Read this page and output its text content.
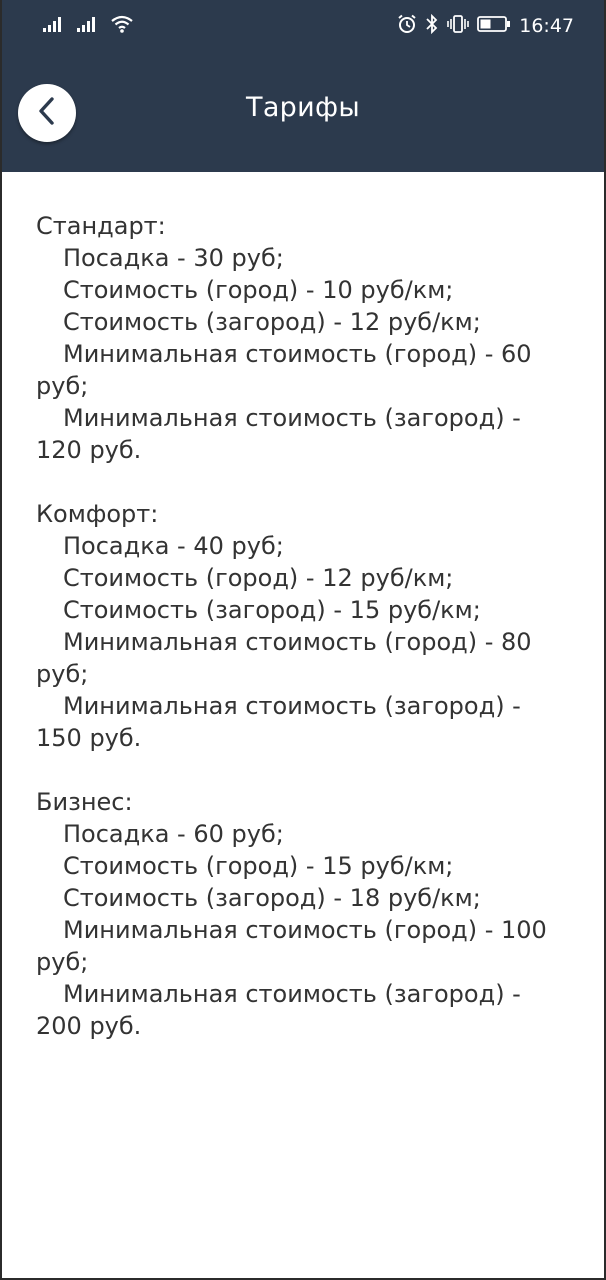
16:47
Тарифы
Стандарт:
Посадка - 30 руб;
Стоимость (город) - 10 руб/км;
Стоимость (загород) - 12 руб/км;
Минимальная стоимость (город) - 60 руб;
Минимальная стоимость (загород) - 120 руб.
Комфорт:
Посадка - 40 руб;
Стоимость (город) - 12 руб/км;
Стоимость (загород) - 15 руб/км;
Минимальная стоимость (город) - 80 руб;
Минимальная стоимость (загород) - 150 руб.
Бизнес:
Посадка - 60 руб;
Стоимость (город) - 15 руб/км;
Стоимость (загород) - 18 руб/км;
Минимальная стоимость (город) - 100 руб;
Минимальная стоимость (загород) - 200 руб.
